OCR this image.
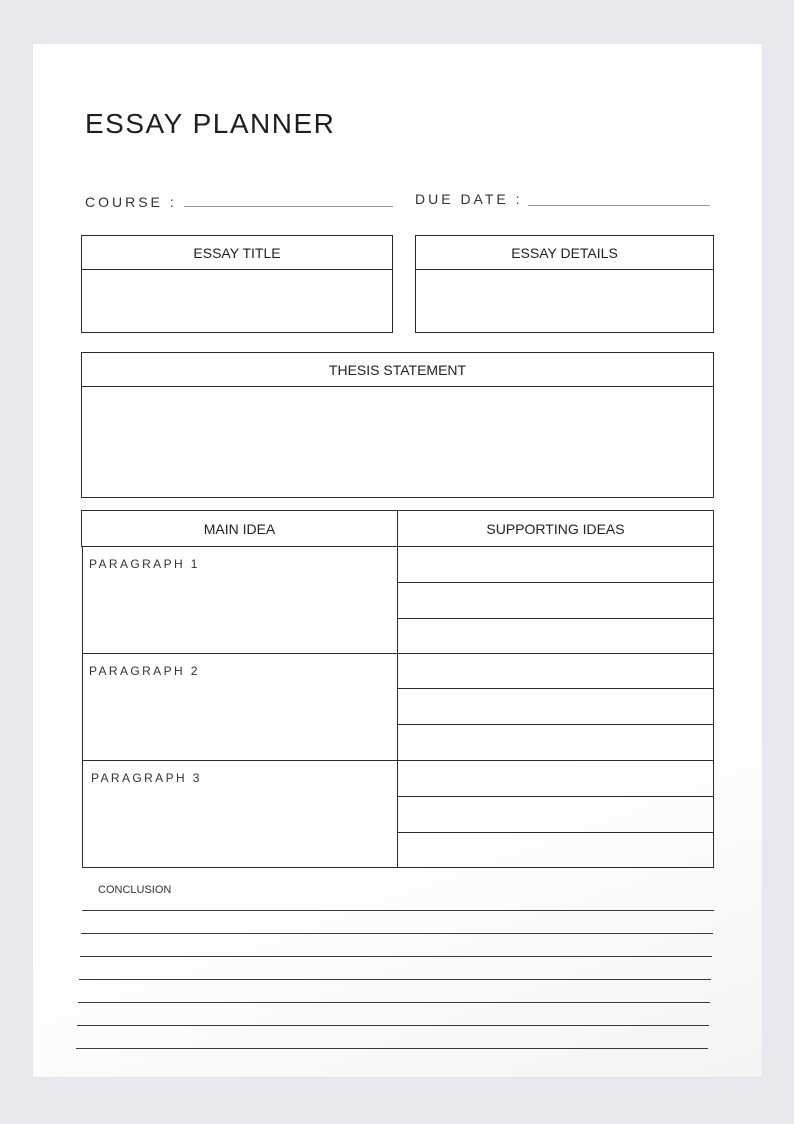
ESSAY PLANNER
COURSE :	DUE DATE :
ESSAY TITLE	ESSAY DETAILS
THESIS STATEMENT
MAIN IDEA	SUPPORTING IDEAS
PARAGRAPH 1
PARAGRAPH 2
PARAGRAPH 3
CONCLUSION
